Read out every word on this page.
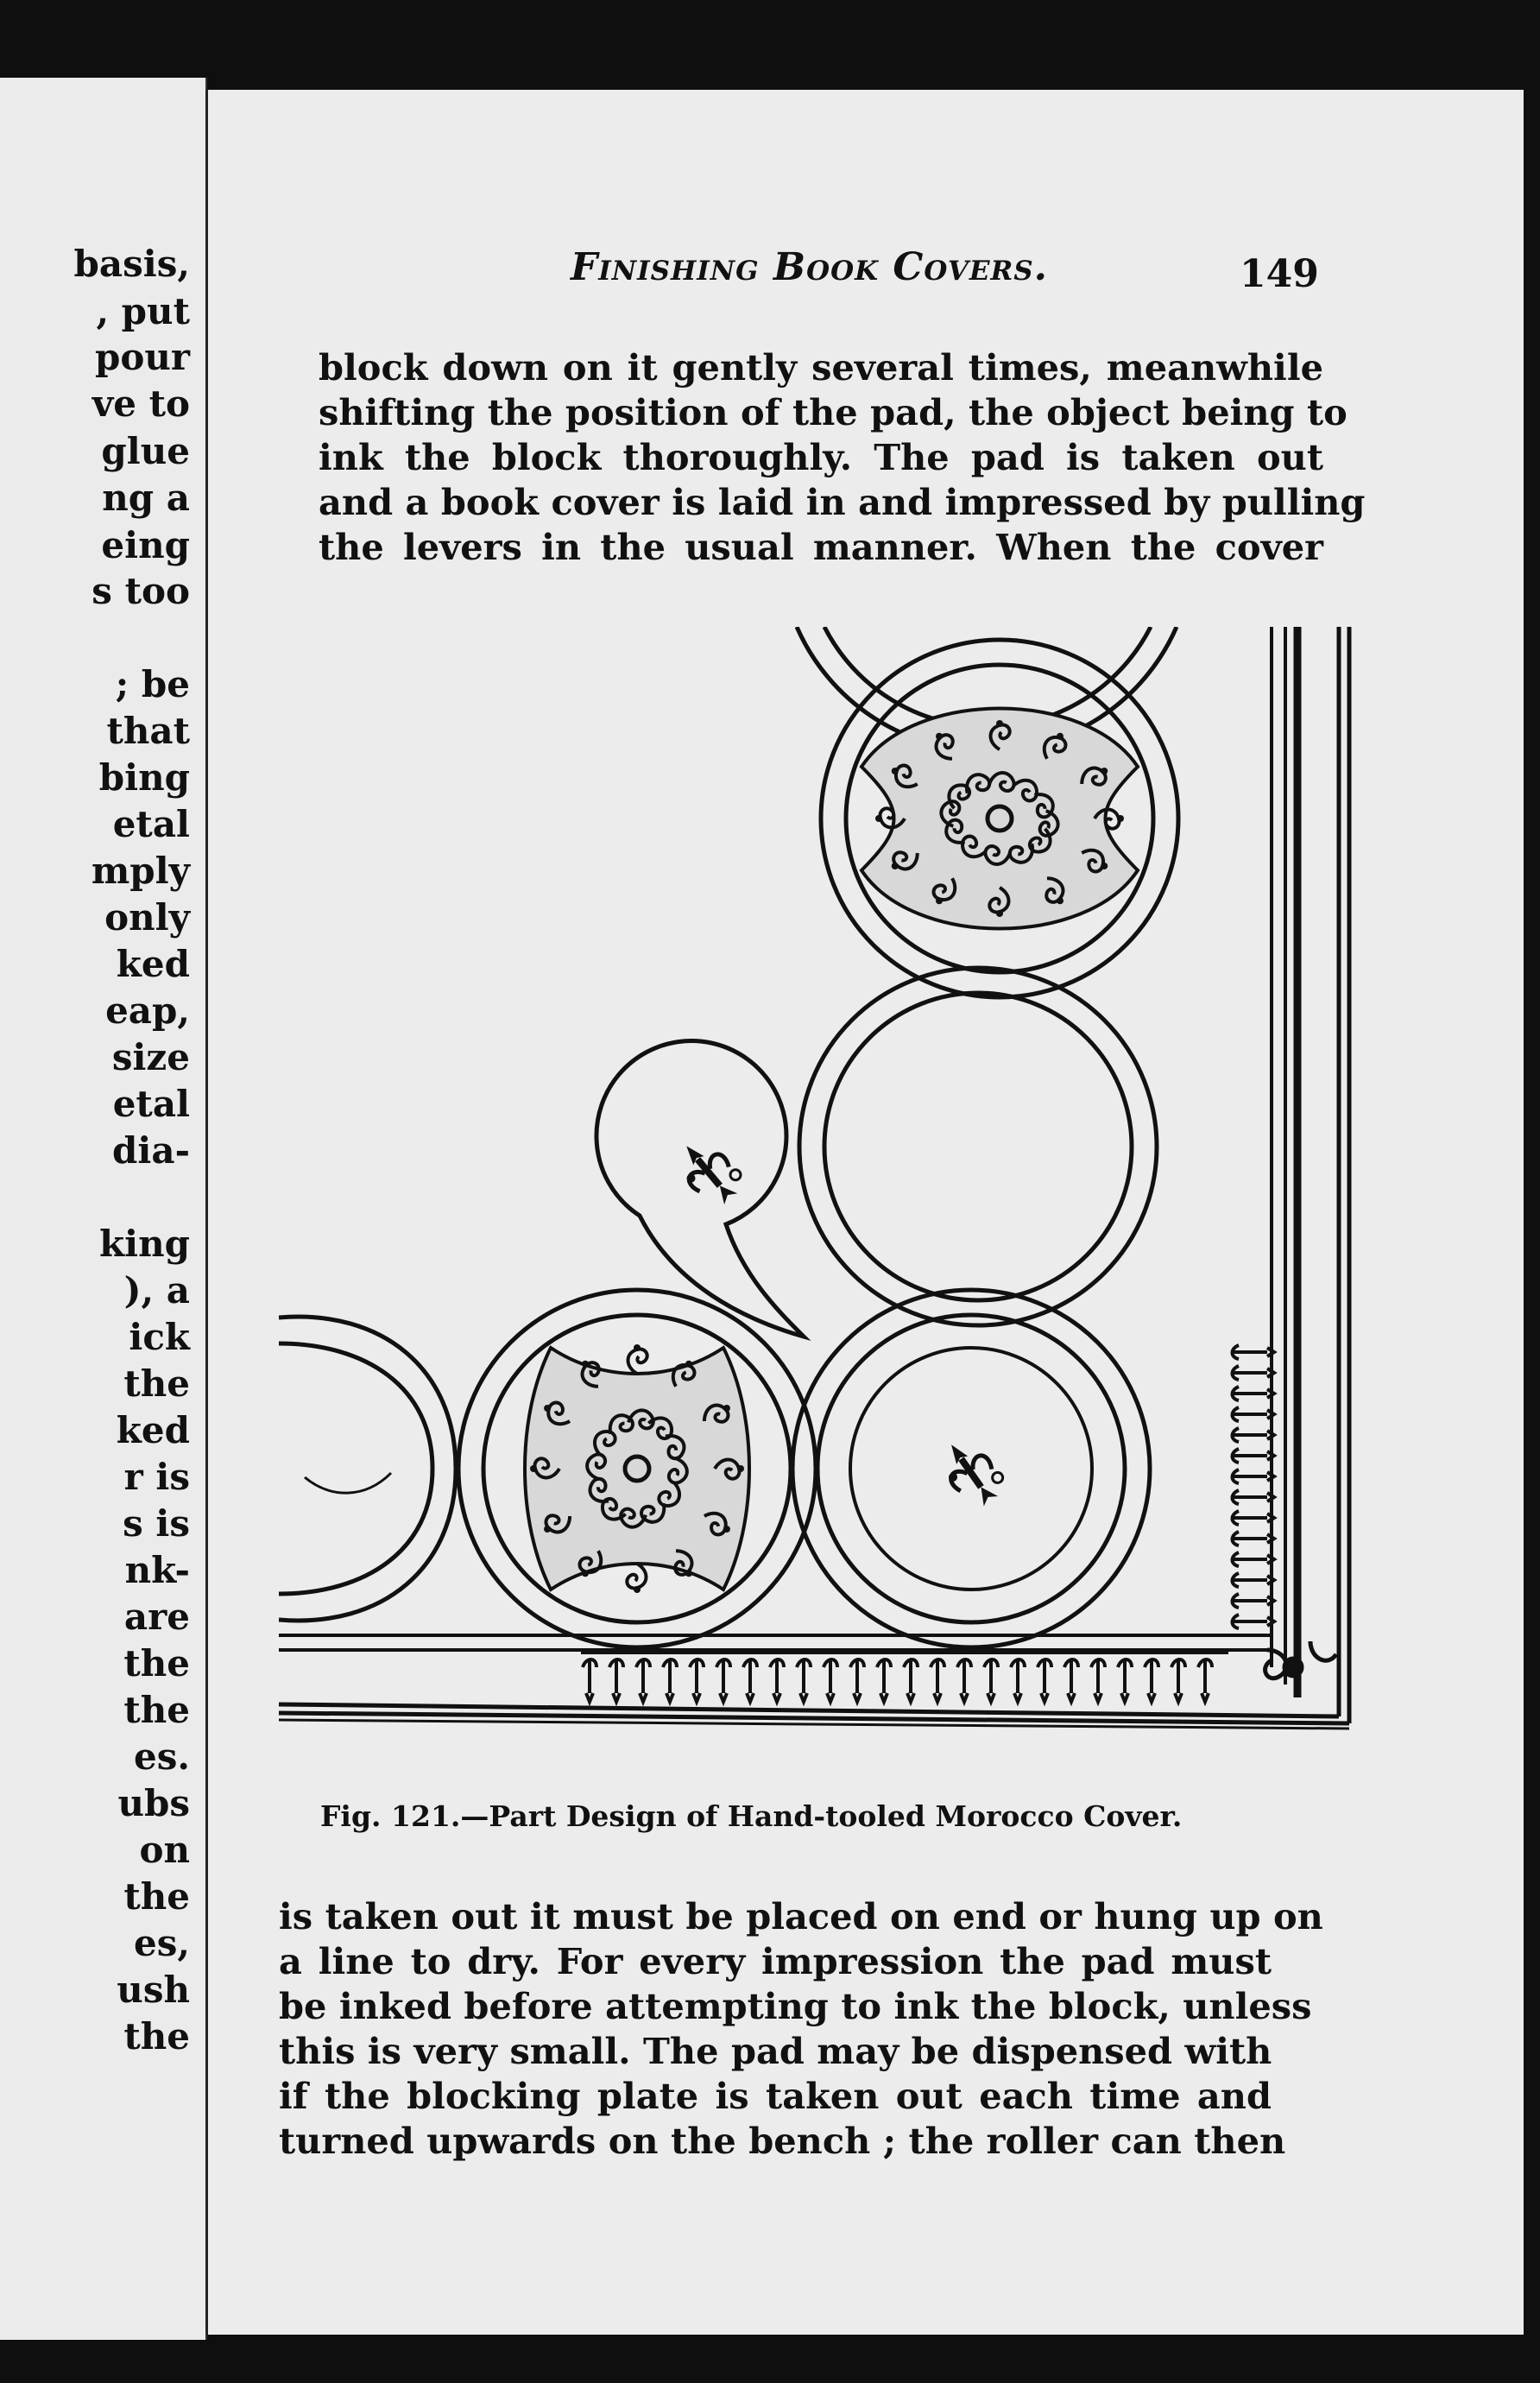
basis,
, put
pour
ve to
glue
ng a
eing
s too
; be
that
bing
etal
mply
only
ked
eap,
size
etal
dia-
king
), a
ick
the
ked
r is
s is
nk-
are
the
the
es.
ubs
on
the
es,
ush
the
Finishing Book Covers.	149
block down on it gently several times, meanwhile
shifting the position of the pad, the object being to
ink the block thoroughly. The pad is taken out
and a book cover is laid in and impressed by pulling
the levers in the usual manner. When the cover
Fig. 121.—Part Design of Hand-tooled Morocco Cover.
is taken out it must be placed on end or hung up on
a line to dry. For every impression the pad must
be inked before attempting to ink the block, unless
this is very small. The pad may be dispensed with
if the blocking plate is taken out each time and
turned upwards on the bench ; the roller can then
